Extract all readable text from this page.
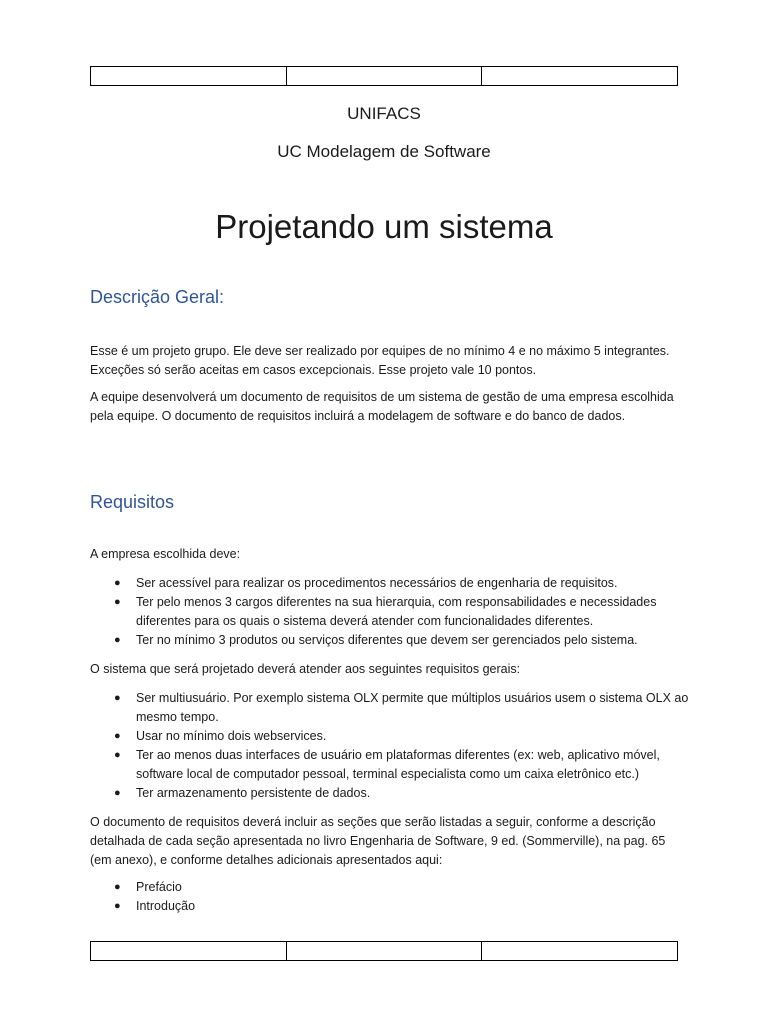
UNIFACS
UC Modelagem de Software
Projetando um sistema
Descrição Geral:

Esse é um projeto grupo. Ele deve ser realizado por equipes de no mínimo 4 e no máximo 5 integrantes. Exceções só serão aceitas em casos excepcionais. Esse projeto vale 10 pontos.

A equipe desenvolverá um documento de requisitos de um sistema de gestão de uma empresa escolhida pela equipe. O documento de requisitos incluirá a modelagem de software e do banco de dados.

Requisitos

A empresa escolhida deve:

● Ser acessível para realizar os procedimentos necessários de engenharia de requisitos.
● Ter pelo menos 3 cargos diferentes na sua hierarquia, com responsabilidades e necessidades diferentes para os quais o sistema deverá atender com funcionalidades diferentes.
● Ter no mínimo 3 produtos ou serviços diferentes que devem ser gerenciados pelo sistema.

O sistema que será projetado deverá atender aos seguintes requisitos gerais:

● Ser multiusuário. Por exemplo sistema OLX permite que múltiplos usuários usem o sistema OLX ao mesmo tempo.
● Usar no mínimo dois webservices.
● Ter ao menos duas interfaces de usuário em plataformas diferentes (ex: web, aplicativo móvel, software local de computador pessoal, terminal especialista como um caixa eletrônico etc.)
● Ter armazenamento persistente de dados.

O documento de requisitos deverá incluir as seções que serão listadas a seguir, conforme a descrição detalhada de cada seção apresentada no livro Engenharia de Software, 9 ed. (Sommerville), na pag. 65 (em anexo), e conforme detalhes adicionais apresentados aqui:

● Prefácio
● Introdução
